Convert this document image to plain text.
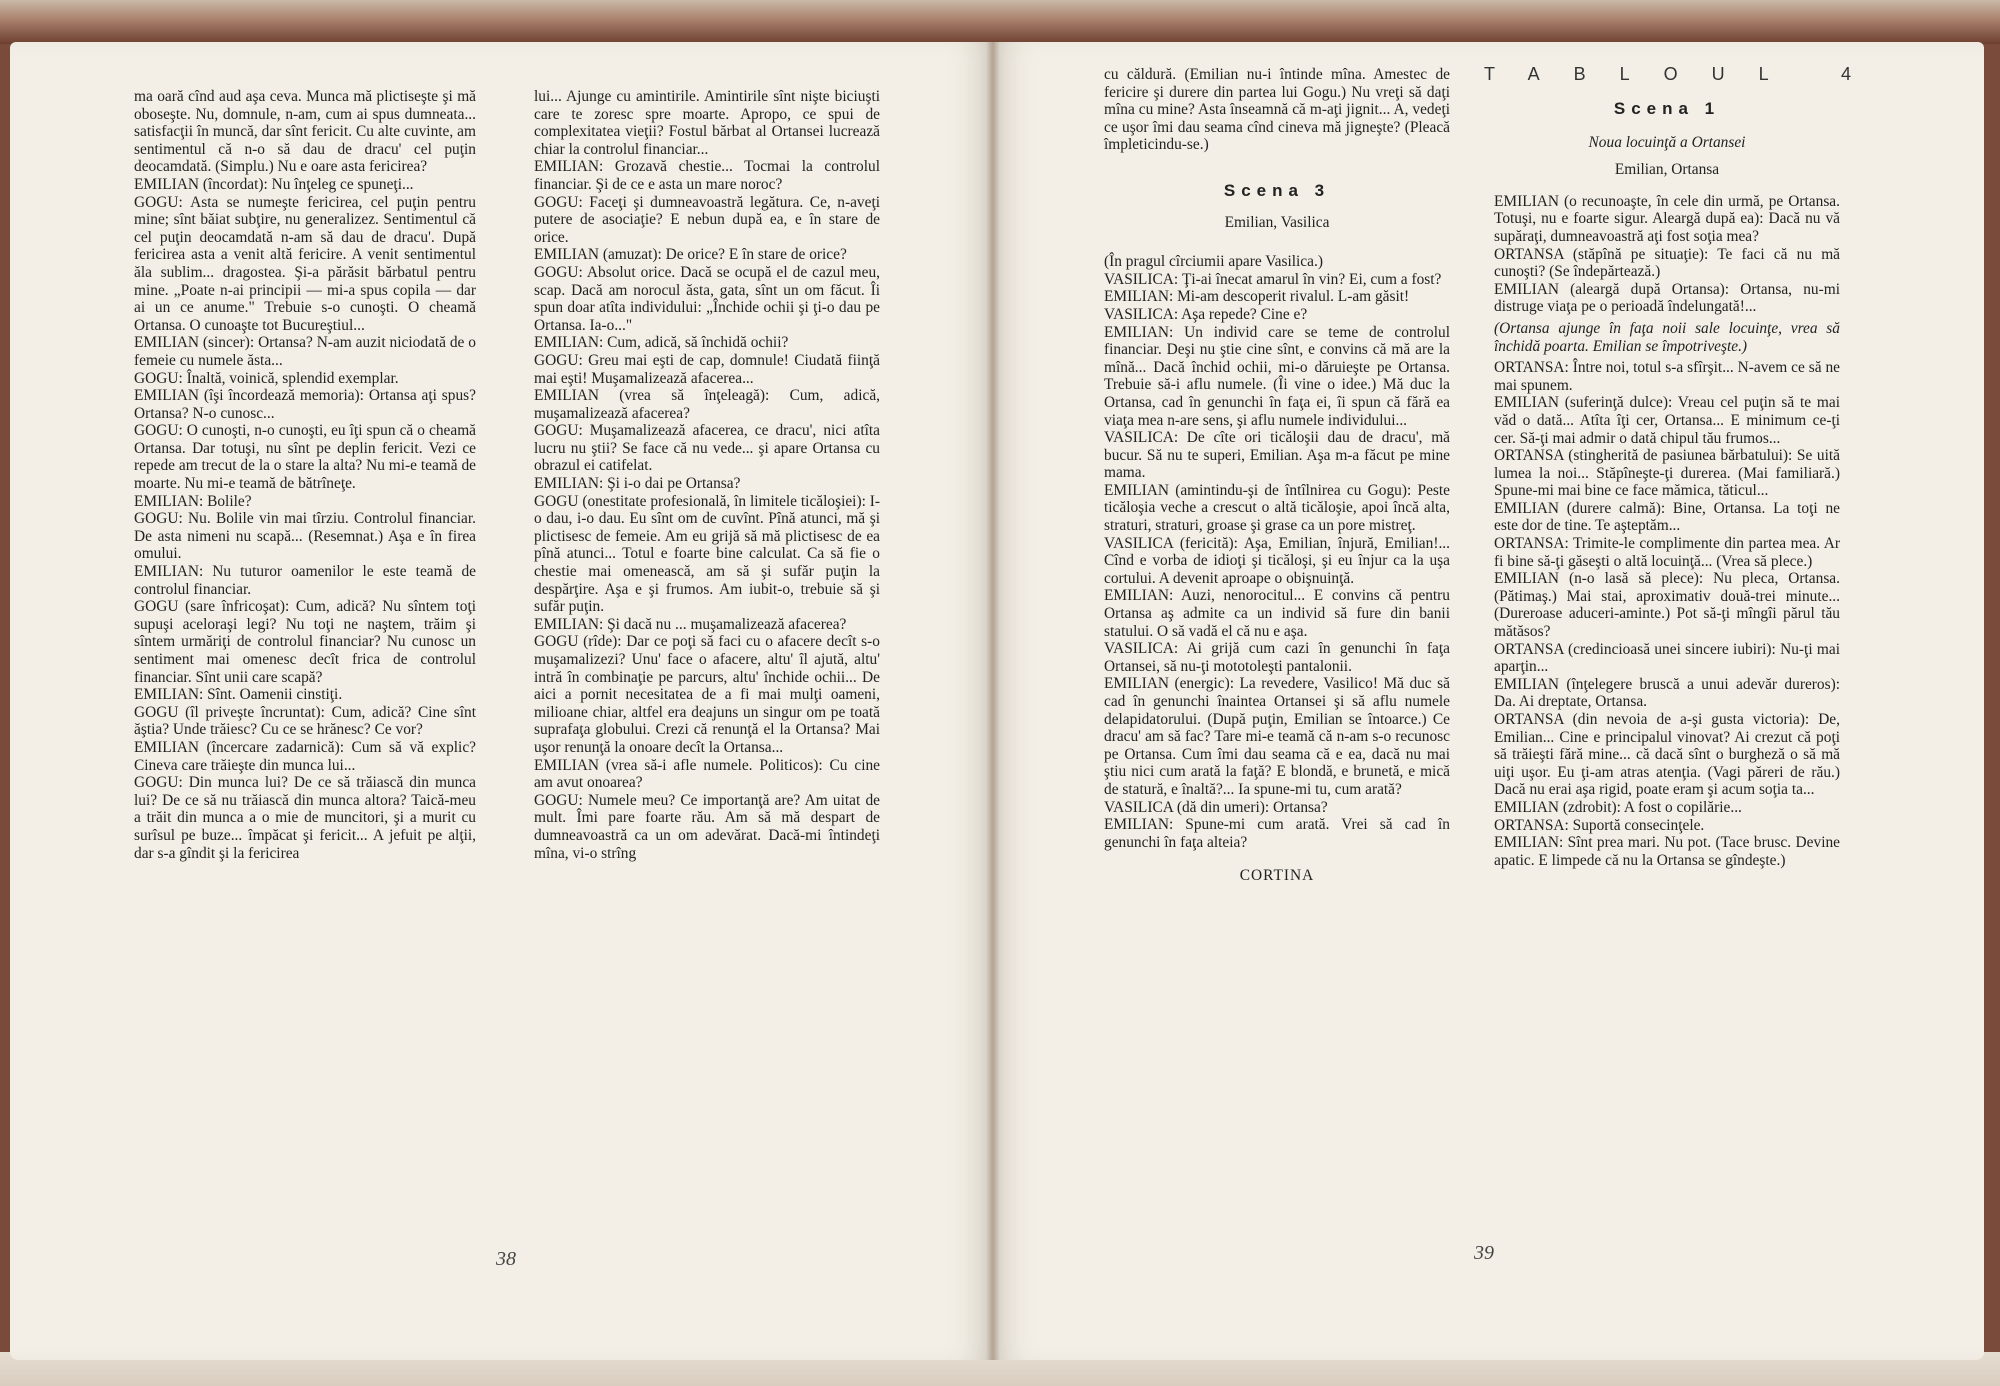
ma oară cînd aud aşa ceva. Munca mă plictiseşte şi mă oboseşte. Nu, domnule, n-am, cum ai spus dumneata... satisfacţii în muncă, dar sînt fericit. Cu alte cuvinte, am sentimentul că n-o să dau de dracu' cel puţin deocamdată. (Simplu.) Nu e oare asta fericirea?

EMILIAN (încordat): Nu înţeleg ce spuneţi...

GOGU: Asta se numeşte fericirea, cel puţin pentru mine; sînt băiat subţire, nu generalizez. Sentimentul că cel puţin deocamdată n-am să dau de dracu'. După fericirea asta a venit altă fericire. A venit sentimentul ăla sublim... dragostea. Şi-a părăsit bărbatul pentru mine. „Poate n-ai principii — mi-a spus copila — dar ai un ce anume." Trebuie s-o cunoşti. O cheamă Ortansa. O cunoaşte tot Bucureştiul...

EMILIAN (sincer): Ortansa? N-am auzit niciodată de o femeie cu numele ăsta...

GOGU: Înaltă, voinică, splendid exemplar.

EMILIAN (îşi încordează memoria): Ortansa aţi spus? Ortansa? N-o cunosc...

GOGU: O cunoşti, n-o cunoşti, eu îţi spun că o cheamă Ortansa. Dar totuşi, nu sînt pe deplin fericit. Vezi ce repede am trecut de la o stare la alta? Nu mi-e teamă de moarte. Nu mi-e teamă de bătrîneţe.

EMILIAN: Bolile?

GOGU: Nu. Bolile vin mai tîrziu. Controlul financiar. De asta nimeni nu scapă... (Resemnat.) Aşa e în firea omului.

EMILIAN: Nu tuturor oamenilor le este teamă de controlul financiar.

GOGU (sare înfricoşat): Cum, adică? Nu sîntem toţi supuşi aceloraşi legi? Nu toţi ne naştem, trăim şi sîntem urmăriţi de controlul financiar? Nu cunosc un sentiment mai omenesc decît frica de controlul financiar. Sînt unii care scapă?

EMILIAN: Sînt. Oamenii cinstiţi.

GOGU (îl priveşte încruntat): Cum, adică? Cine sînt ăştia? Unde trăiesc? Cu ce se hrănesc? Ce vor?

EMILIAN (încercare zadarnică): Cum să vă explic? Cineva care trăieşte din munca lui...

GOGU: Din munca lui? De ce să trăiască din munca lui? De ce să nu trăiască din munca altora? Taică-meu a trăit din munca a o mie de muncitori, şi a murit cu surîsul pe buze... împăcat şi fericit... A jefuit pe alţii, dar s-a gîndit şi la fericirea

lui... Ajunge cu amintirile. Amintirile sînt nişte biciuşti care te zoresc spre moarte. Apropo, ce spui de complexitatea vieţii? Fostul bărbat al Ortansei lucrează chiar la controlul financiar...

EMILIAN: Grozavă chestie... Tocmai la controlul financiar. Şi de ce e asta un mare noroc?

GOGU: Faceţi şi dumneavoastră legătura. Ce, n-aveţi putere de asociaţie? E nebun după ea, e în stare de orice.

EMILIAN (amuzat): De orice? E în stare de orice?

GOGU: Absolut orice. Dacă se ocupă el de cazul meu, scap. Dacă am norocul ăsta, gata, sînt un om făcut. Îi spun doar atîta individului: „Închide ochii şi ţi-o dau pe Ortansa. Ia-o..."

EMILIAN: Cum, adică, să închidă ochii?

GOGU: Greu mai eşti de cap, domnule! Ciudată fiinţă mai eşti! Muşamalizează afacerea...

EMILIAN (vrea să înţeleagă): Cum, adică, muşamalizează afacerea?

GOGU: Muşamalizează afacerea, ce dracu', nici atîta lucru nu ştii? Se face că nu vede... şi apare Ortansa cu obrazul ei catifelat.

EMILIAN: Şi i-o dai pe Ortansa?

GOGU (onestitate profesională, în limitele ticăloşiei): I-o dau, i-o dau. Eu sînt om de cuvînt. Pînă atunci, mă şi plictisesc de femeie. Am eu grijă să mă plictisesc de ea pînă atunci... Totul e foarte bine calculat. Ca să fie o chestie mai omenească, am să şi sufăr puţin la despărţire. Aşa e şi frumos. Am iubit-o, trebuie să şi sufăr puţin.

EMILIAN: Şi dacă nu ... muşamalizează afacerea?

GOGU (rîde): Dar ce poţi să faci cu o afacere decît s-o muşamalizezi? Unu' face o afacere, altu' îl ajută, altu' intră în combinaţie pe parcurs, altu' închide ochii... De aici a pornit necesitatea de a fi mai mulţi oameni, milioane chiar, altfel era deajuns un singur om pe toată suprafaţa globului. Crezi că renunţă el la Ortansa? Mai uşor renunţă la onoare decît la Ortansa...

EMILIAN (vrea să-i afle numele. Politicos): Cu cine am avut onoarea?

GOGU: Numele meu? Ce importanţă are? Am uitat de mult. Îmi pare foarte rău. Am să mă despart de dumneavoastră ca un om adevărat. Dacă-mi întindeţi mîna, vi-o strîng

38

cu căldură. (Emilian nu-i întinde mîna. Amestec de fericire şi durere din partea lui Gogu.) Nu vreţi să daţi mîna cu mine? Asta înseamnă că m-aţi jignit... A, vedeţi ce uşor îmi dau seama cînd cineva mă jigneşte? (Pleacă împleticindu-se.)

Scena 3

Emilian, Vasilica

(În pragul cîrciumii apare Vasilica.)

VASILICA: Ţi-ai înecat amarul în vin? Ei, cum a fost?

EMILIAN: Mi-am descoperit rivalul. L-am găsit!

VASILICA: Aşa repede? Cine e?

EMILIAN: Un individ care se teme de controlul financiar. Deşi nu ştie cine sînt, e convins că mă are la mînă... Dacă închid ochii, mi-o dăruieşte pe Ortansa. Trebuie să-i aflu numele. (Îi vine o idee.) Mă duc la Ortansa, cad în genunchi în faţa ei, îi spun că fără ea viaţa mea n-are sens, şi aflu numele individului...

VASILICA: De cîte ori ticăloşii dau de dracu', mă bucur. Să nu te superi, Emilian. Aşa m-a făcut pe mine mama.

EMILIAN (amintindu-şi de întîlnirea cu Gogu): Peste ticăloşia veche a crescut o altă ticăloşie, apoi încă alta, straturi, straturi, groase şi grase ca un pore mistreţ.

VASILICA (fericită): Aşa, Emilian, înjură, Emilian!... Cînd e vorba de idioţi şi ticăloşi, şi eu înjur ca la uşa cortului. A devenit aproape o obişnuinţă.

EMILIAN: Auzi, nenorocitul... E convins că pentru Ortansa aş admite ca un individ să fure din banii statului. O să vadă el că nu e aşa.

VASILICA: Ai grijă cum cazi în genunchi în faţa Ortansei, să nu-ţi mototoleşti pantalonii.

EMILIAN (energic): La revedere, Vasilico! Mă duc să cad în genunchi înaintea Ortansei şi să aflu numele delapidatorului. (După puţin, Emilian se întoarce.) Ce dracu' am să fac? Tare mi-e teamă că n-am s-o recunosc pe Ortansa. Cum îmi dau seama că e ea, dacă nu mai ştiu nici cum arată la faţă? E blondă, e brunetă, e mică de statură, e înaltă?... Ia spune-mi tu, cum arată?

VASILICA (dă din umeri): Ortansa?

EMILIAN: Spune-mi cum arată. Vrei să cad în genunchi în faţa alteia?

CORTINA

TABLOUL 4
Scena 1

Noua locuinţă a Ortansei

Emilian, Ortansa

EMILIAN (o recunoaşte, în cele din urmă, pe Ortansa. Totuşi, nu e foarte sigur. Aleargă după ea): Dacă nu vă supăraţi, dumneavoastră aţi fost soţia mea?

ORTANSA (stăpînă pe situaţie): Te faci că nu mă cunoşti? (Se îndepărtează.)

EMILIAN (aleargă după Ortansa): Ortansa, nu-mi distruge viaţa pe o perioadă îndelungată!...

(Ortansa ajunge în faţa noii sale locuinţe, vrea să închidă poarta. Emilian se împotriveşte.)

ORTANSA: Între noi, totul s-a sfîrşit... N-avem ce să ne mai spunem.

EMILIAN (suferinţă dulce): Vreau cel puţin să te mai văd o dată... Atîta îţi cer, Ortansa... E minimum ce-ţi cer. Să-ţi mai admir o dată chipul tău frumos...

ORTANSA (stingherită de pasiunea bărbatului): Se uită lumea la noi... Stăpîneşte-ţi durerea. (Mai familiară.) Spune-mi mai bine ce face mămica, tăticul...

EMILIAN (durere calmă): Bine, Ortansa. La toţi ne este dor de tine. Te aşteptăm...

ORTANSA: Trimite-le complimente din partea mea. Ar fi bine să-ţi găseşti o altă locuinţă... (Vrea să plece.)

EMILIAN (n-o lasă să plece): Nu pleca, Ortansa. (Pătimaş.) Mai stai, aproximativ două-trei minute... (Dureroase aduceri-aminte.) Pot să-ţi mîngîi părul tău mătăsos?

ORTANSA (credincioasă unei sincere iubiri): Nu-ţi mai aparţin...

EMILIAN (înţelegere bruscă a unui adevăr dureros): Da. Ai dreptate, Ortansa.

ORTANSA (din nevoia de a-şi gusta victoria): De, Emilian... Cine e principalul vinovat? Ai crezut că poţi să trăieşti fără mine... că dacă sînt o burgheză o să mă uiţi uşor. Eu ţi-am atras atenţia. (Vagi păreri de rău.) Dacă nu erai aşa rigid, poate eram şi acum soţia ta...

EMILIAN (zdrobit): A fost o copilărie...

ORTANSA: Suportă consecinţele.

EMILIAN: Sînt prea mari. Nu pot. (Tace brusc. Devine apatic. E limpede că nu la Ortansa se gîndeşte.)

39
